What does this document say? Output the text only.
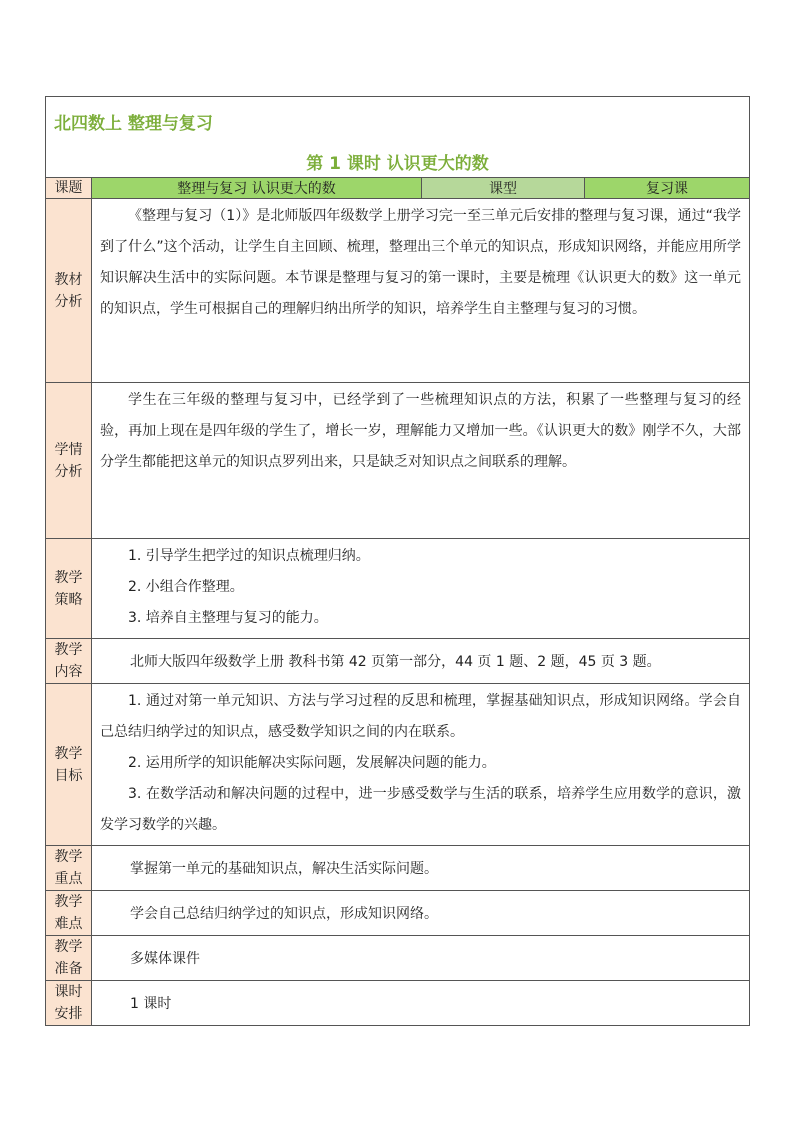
北四数上 整理与复习
第 1 课时 认识更大的数			

课题	整理与复习 认识更大的数	课型	复习课
教材分析	《整理与复习（1）》是北师版四年级数学上册学习完一至三单元后安排的整理与复习课，通过“我学到了什么”这个活动，让学生自主回顾、梳理，整理出三个单元的知识点，形成知识网络，并能应用所学知识解决生活中的实际问题。本节课是整理与复习的第一课时，主要是梳理《认识更大的数》这一单元的知识点，学生可根据自己的理解归纳出所学的知识，培养学生自主整理与复习的习惯。		

学情分析	学生在三年级的整理与复习中，已经学到了一些梳理知识点的方法，积累了一些整理与复习的经验，再加上现在是四年级的学生了，增长一岁，理解能力又增加一些。《认识更大的数》刚学不久，大部分学生都能把这单元的知识点罗列出来，只是缺乏对知识点之间联系的理解。		

教学策略	1. 引导学生把学过的知识点梳理归纳。

2. 小组合作整理。

3. 培养自主整理与复习的能力。		

教学内容	北师大版四年级数学上册 教科书第 42 页第一部分，44 页 1 题、2 题，45 页 3 题。		
教学目标	1. 通过对第一单元知识、方法与学习过程的反思和梳理，掌握基础知识点，形成知识网络。学会自己总结归纳学过的知识点，感受数学知识之间的内在联系。

2. 运用所学的知识能解决实际问题，发展解决问题的能力。

3. 在数学活动和解决问题的过程中，进一步感受数学与生活的联系，培养学生应用数学的意识，激发学习数学的兴趣。		

教学重点	掌握第一单元的基础知识点，解决生活实际问题。		
教学难点	学会自己总结归纳学过的知识点，形成知识网络。		
教学准备	多媒体课件		
课时安排	1 课时		
